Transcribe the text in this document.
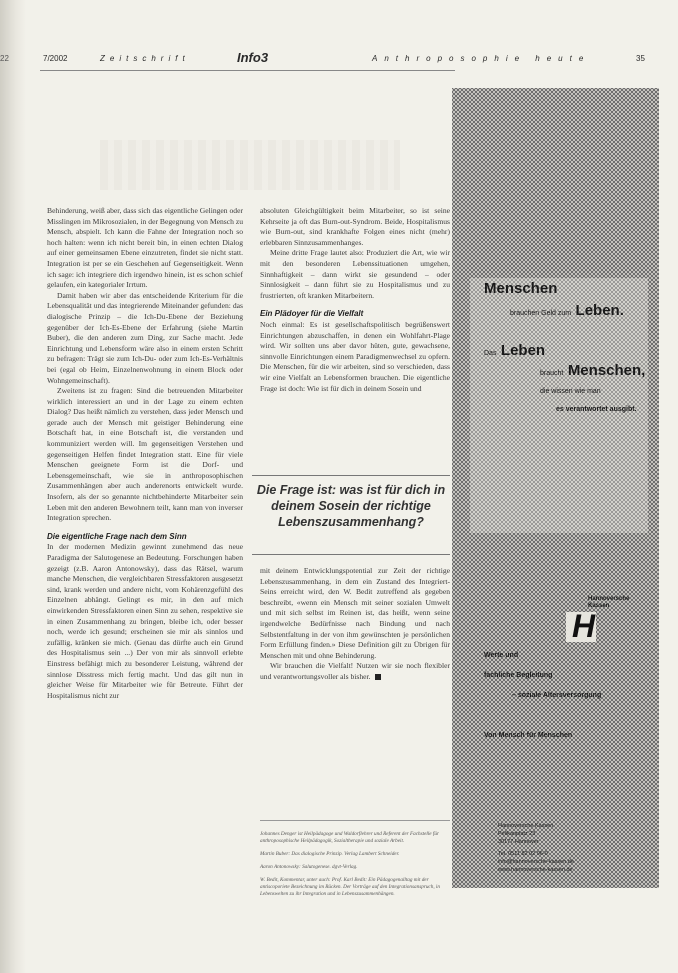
22	7/2002	Zeitschrift	Info3	Anthroposophie heute	35

Behinderung, weiß aber, dass sich das eigentliche Gelingen oder Misslingen im Mikrosozialen, in der Begegnung von Mensch zu Mensch, abspielt. Ich kann die Fahne der Integration noch so hoch halten: wenn ich nicht bereit bin, in einen echten Dialog auf einer gemeinsamen Ebene einzutreten, findet sie nicht statt. Integration ist per se ein Geschehen auf Gegenseitigkeit. Wenn ich sage: ich integriere dich irgendwo hinein, ist es schon schief gelaufen, ein kategorialer Irrtum.

Damit haben wir aber das entscheidende Kriterium für die Lebensqualität und das integrierende Miteinander gefunden: das dialogische Prinzip – die Ich-Du-Ebene der Beziehung gegenüber der Ich-Es-Ebene der Erfahrung (siehe Martin Buber), die den anderen zum Ding, zur Sache macht. Jede Einrichtung und Lebensform wäre also in einem ersten Schritt zu befragen: Trägt sie zum Ich-Du- oder zum Ich-Es-Verhältnis bei (egal ob Heim, Einzelnenwohnung in einem Block oder Wohngemeinschaft).

Zweitens ist zu fragen: Sind die betreuenden Mitarbeiter wirklich interessiert an und in der Lage zu einem echten Dialog? Das heißt nämlich zu verstehen, dass jeder Mensch und gerade auch der Mensch mit geistiger Behinderung eine Botschaft hat, in eine Botschaft ist, die verstanden und kommuniziert werden will. Im gegenseitigen Verstehen und gegenseitigen Helfen findet Integration statt. Eine für viele Menschen geeignete Form ist die Dorf- und Lebensgemeinschaft, wie sie in anthroposophischen Zusammenhängen aber auch anderenorts entwickelt wurde. Insofern, als der so genannte nichtbehinderte Mitarbeiter sein Leben mit den anderen Bewohnern teilt, kann man von inverser Integration sprechen.

Die eigentliche Frage nach dem Sinn

In der modernen Medizin gewinnt zunehmend das neue Paradigma der Salutogenese an Bedeutung. Forschungen haben gezeigt (z.B. Aaron Antonowsky), dass das Rätsel, warum manche Menschen, die vergleichbaren Stressfaktoren ausgesetzt sind, krank werden und andere nicht, vom Kohärenzgefühl des Einzelnen abhängt. Gelingt es mir, in den auf mich einwirkenden Stressfaktoren einen Sinn zu sehen, respektive sie in einen Zusammenhang zu bringen, bleibe ich, oder besser noch, werde ich gesund; erscheinen sie mir als sinnlos und zufällig, kränken sie mich. (Genau das dürfte auch ein Grund des Hospitalismus sein ...) Der von mir als sinnvoll erlebte Einstress befähigt mich zu besonderer Leistung, während der sinnlose Disstress mich fertig macht. Und das gilt nun in gleicher Weise für Mitarbeiter wie für Betreute. Führt der Hospitalismus nicht zur

absoluten Gleichgültigkeit beim Mitarbeiter, so ist seine Kehrseite ja oft das Burn-out-Syndrom. Beide, Hospitalismus wie Burn-out, sind krankhafte Folgen eines nicht (mehr) erlebbaren Sinnzusammenhanges.

Meine dritte Frage lautet also: Produziert die Art, wie wir mit den besonderen Lebenssituationen umgehen, Sinnhaftigkeit – dann wirkt sie gesundend – oder Sinnlosigkeit – dann führt sie zu Hospitalismus und zu frustrierten, oft kranken Mitarbeitern.

Ein Plädoyer für die Vielfalt

Noch einmal: Es ist gesellschaftspolitisch begrüßenswert Einrichtungen abzuschaffen, in denen ein Wohlfahrt-Plage wird. Wir sollten uns aber davor hüten, gute, gewachsene, sinnvolle Einrichtungen einem Paradigmenwechsel zu opfern. Die Menschen, für die wir arbeiten, sind so verschieden, dass wir eine Vielfalt an Lebensformen brauchen. Die eigentliche Frage ist doch: Wie ist für dich in deinem Sosein und

Die Frage ist: was ist für dich in deinem Sosein der richtige Lebenszusammenhang?

mit deinem Entwicklungspotential zur Zeit der richtige Lebenszusammenhang, in dem ein Zustand des Integriert-Seins erreicht wird, den W. Bedit zutreffend als gegeben beschreibt, «wenn ein Mensch mit seiner sozialen Umwelt und mit sich selbst im Reinen ist, das heißt, wenn seine irgendwelche Bedürfnisse nach Bindung und nach Selbstentfaltung in der von ihm gewünschten je persönlichen Form Erfüllung finden.» Diese Definition gilt zu Übrigen für Menschen mit und ohne Behinderung.

Wir brauchen die Vielfalt! Nutzen wir sie noch flexibler und verantwortungsvoller als bisher.

Johannes Denger ist Heilpädagoge und Waldorflehrer und Referent der Fachstelle für anthroposophische Heilpädagogik, Sozialtherapie und soziale Arbeit.

Martin Buber: Das dialogische Prinzip. Verlag Lambert Schneider.

Aaron Antonowsky: Salutogenese. dgvt-Verlag.

W. Bedit, Kommentar, unter auch: Prof. Karl Bedit: Ein Pädagogenalltag mit der antiscoporiete Bezeichnung im Rücken. Der Vorträge auf den Integrationsanspruch, in Lebenswelten zu ihr Integration und in Lebenszusammenhängen.

Menschen
brauchen Geld zum Leben.
Das Leben
braucht Menschen,
die wissen wie man
es verantwortet ausgibt.
Hannoversche Kassen
H
Werte und
fachliche Begleitung
– soziale Altersversorgung
Von Mensch für Menschen
Hannoversche Kassen
Pelikanplatz 23
30177 Hannover
Tel. 0511 82 02 96-0
info@hannoversche-kassen.de
www.hannoversche-kassen.de
